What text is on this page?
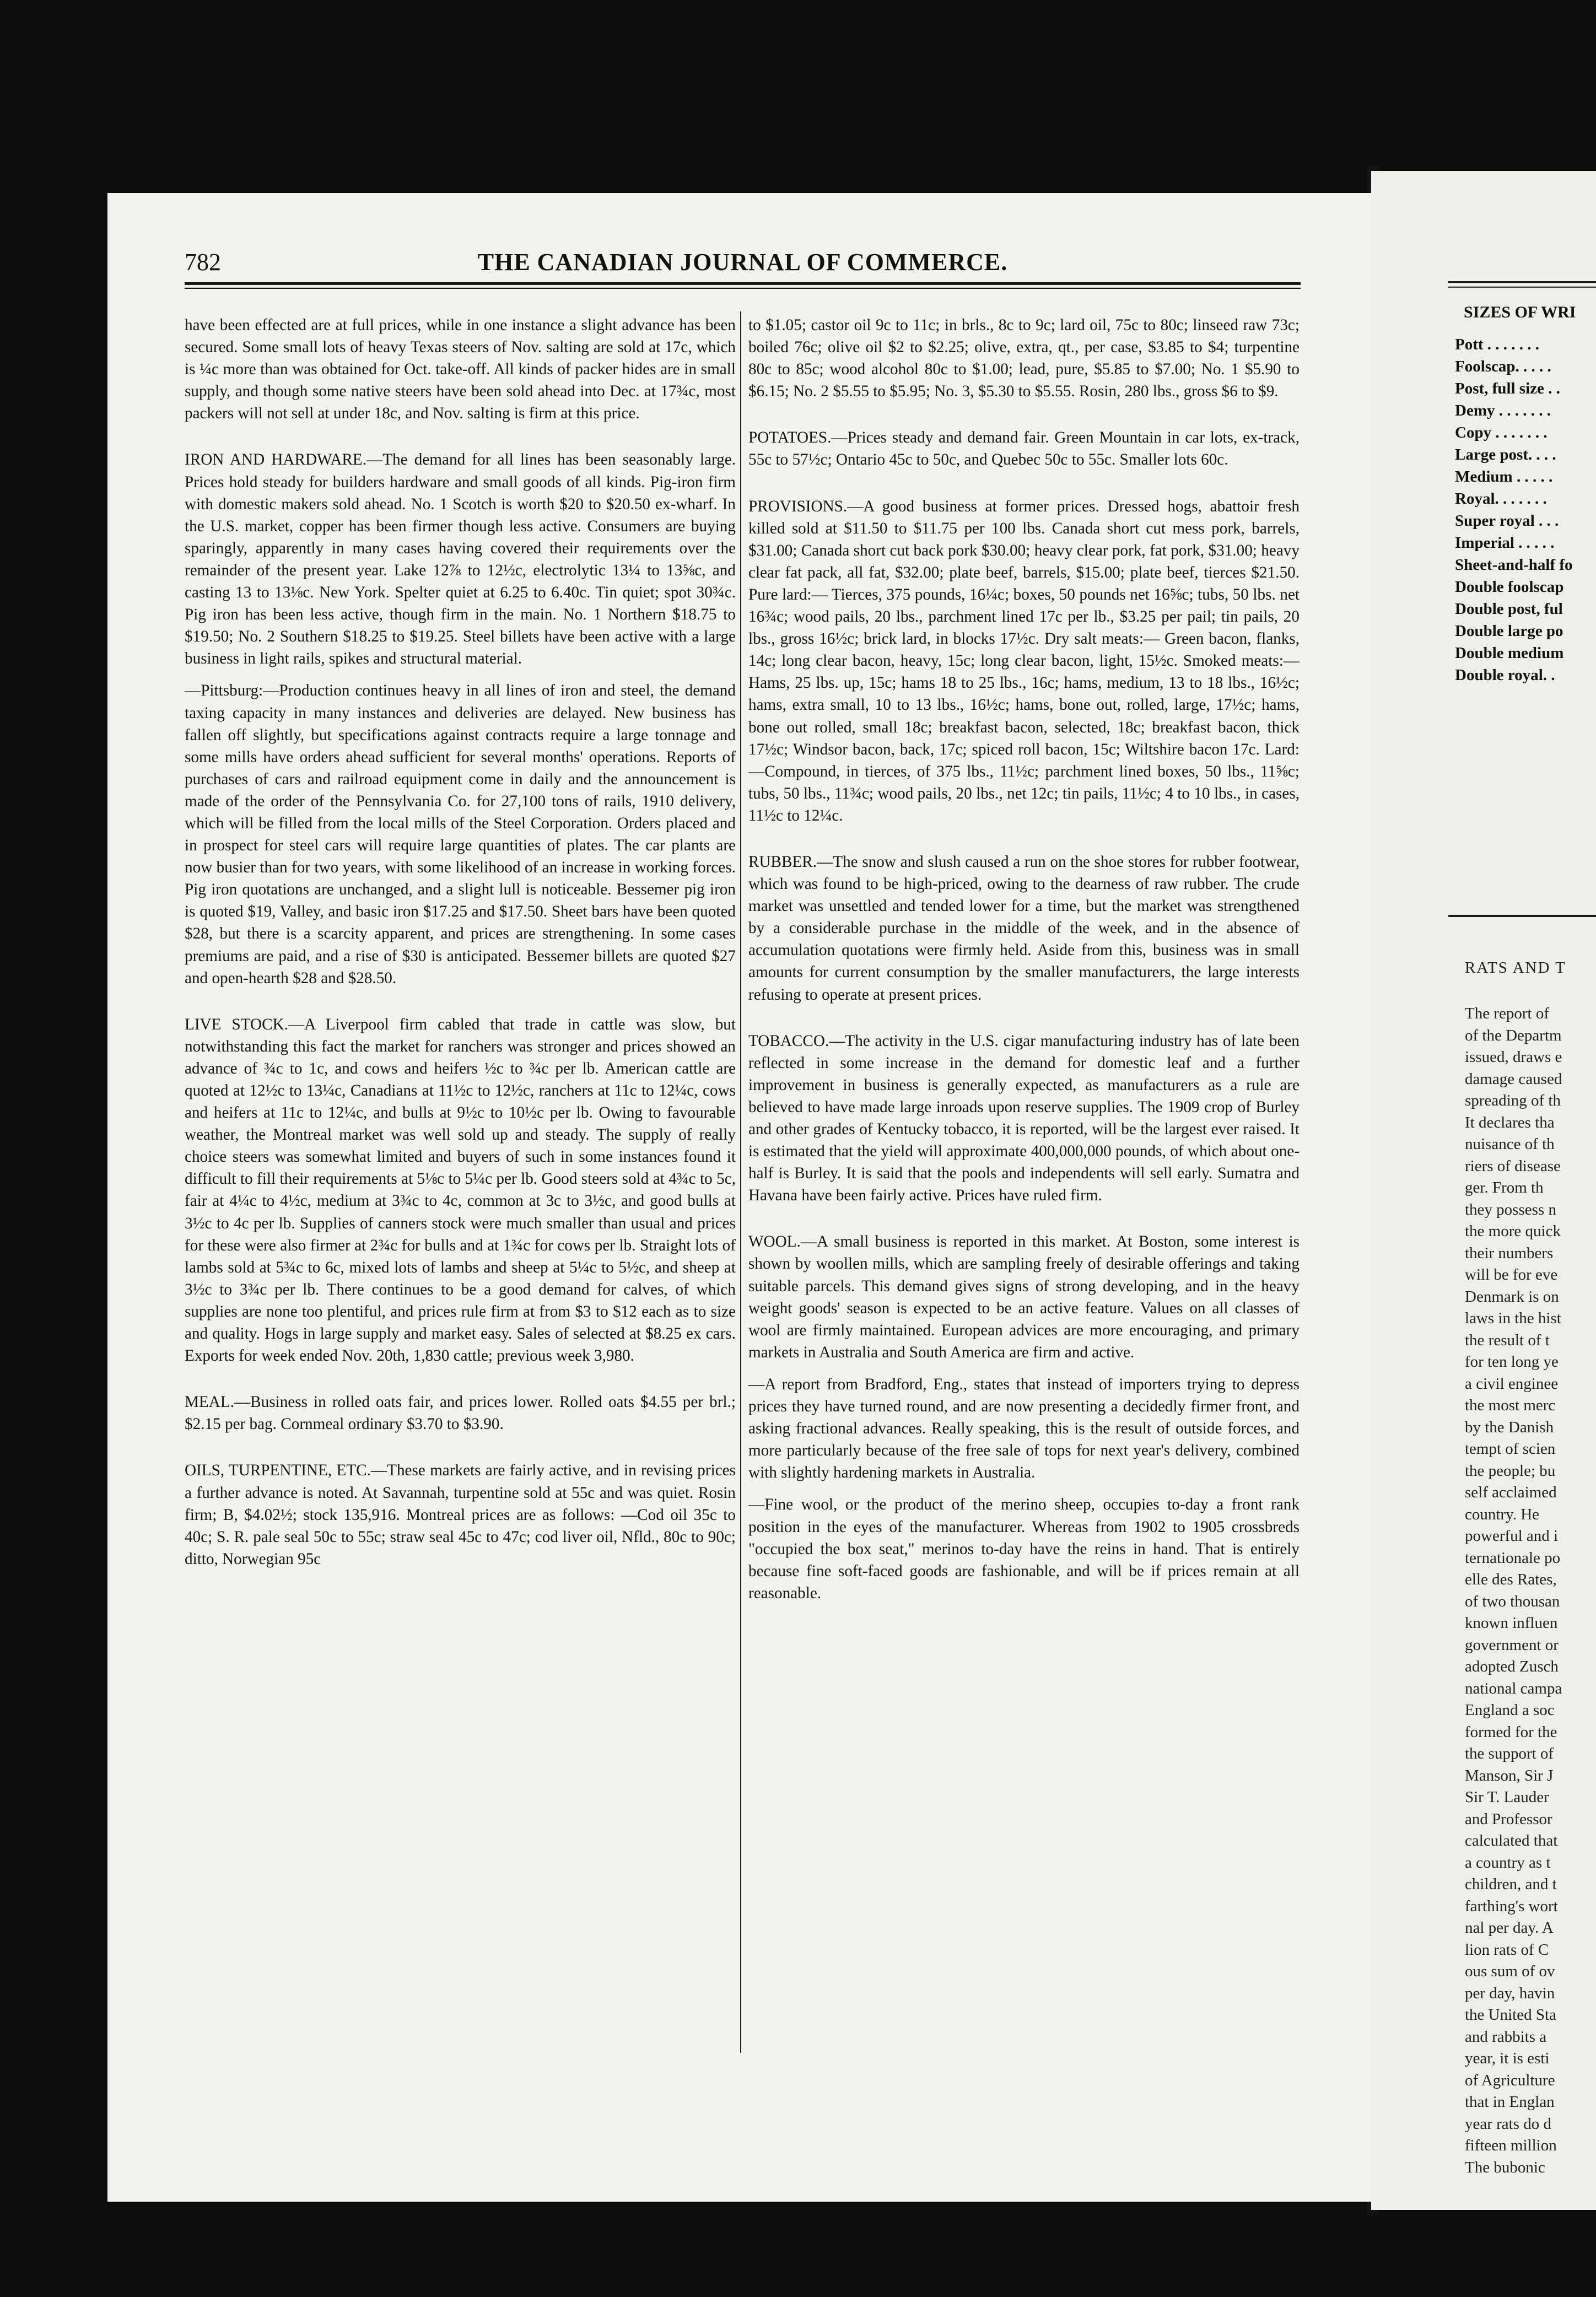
782	THE CANADIAN JOURNAL OF COMMERCE.

have been effected are at full prices, while in one instance a slight advance has been secured. Some small lots of heavy Texas steers of Nov. salting are sold at 17c, which is ¼c more than was obtained for Oct. take-off. All kinds of packer hides are in small supply, and though some native steers have been sold ahead into Dec. at 17¾c, most packers will not sell at under 18c, and Nov. salting is firm at this price.

IRON AND HARDWARE.—The demand for all lines has been seasonably large. Prices hold steady for builders hardware and small goods of all kinds. Pig-iron firm with domestic makers sold ahead. No. 1 Scotch is worth $20 to $20.50 ex-wharf. In the U.S. market, copper has been firmer though less active. Consumers are buying sparingly, apparently in many cases having covered their requirements over the remainder of the present year. Lake 12⅞ to 12½c, electrolytic 13¼ to 13⅝c, and casting 13 to 13⅛c. New York. Spelter quiet at 6.25 to 6.40c. Tin quiet; spot 30¾c. Pig iron has been less active, though firm in the main. No. 1 Northern $18.75 to $19.50; No. 2 Southern $18.25 to $19.25. Steel billets have been active with a large business in light rails, spikes and structural material.

—Pittsburg:—Production continues heavy in all lines of iron and steel, the demand taxing capacity in many instances and deliveries are delayed. New business has fallen off slightly, but specifications against contracts require a large tonnage and some mills have orders ahead sufficient for several months' operations. Reports of purchases of cars and railroad equipment come in daily and the announcement is made of the order of the Pennsylvania Co. for 27,100 tons of rails, 1910 delivery, which will be filled from the local mills of the Steel Corporation. Orders placed and in prospect for steel cars will require large quantities of plates. The car plants are now busier than for two years, with some likelihood of an increase in working forces. Pig iron quotations are unchanged, and a slight lull is noticeable. Bessemer pig iron is quoted $19, Valley, and basic iron $17.25 and $17.50. Sheet bars have been quoted $28, but there is a scarcity apparent, and prices are strengthening. In some cases premiums are paid, and a rise of $30 is anticipated. Bessemer billets are quoted $27 and open-hearth $28 and $28.50.

LIVE STOCK.—A Liverpool firm cabled that trade in cattle was slow, but notwithstanding this fact the market for ranchers was stronger and prices showed an advance of ¾c to 1c, and cows and heifers ½c to ¾c per lb. American cattle are quoted at 12½c to 13¼c, Canadians at 11½c to 12½c, ranchers at 11c to 12¼c, cows and heifers at 11c to 12¼c, and bulls at 9½c to 10½c per lb. Owing to favourable weather, the Montreal market was well sold up and steady. The supply of really choice steers was somewhat limited and buyers of such in some instances found it difficult to fill their requirements at 5⅛c to 5¼c per lb. Good steers sold at 4¾c to 5c, fair at 4¼c to 4½c, medium at 3¾c to 4c, common at 3c to 3½c, and good bulls at 3½c to 4c per lb. Supplies of canners stock were much smaller than usual and prices for these were also firmer at 2¾c for bulls and at 1¾c for cows per lb. Straight lots of lambs sold at 5¾c to 6c, mixed lots of lambs and sheep at 5¼c to 5½c, and sheep at 3½c to 3¾c per lb. There continues to be a good demand for calves, of which supplies are none too plentiful, and prices rule firm at from $3 to $12 each as to size and quality. Hogs in large supply and market easy. Sales of selected at $8.25 ex cars. Exports for week ended Nov. 20th, 1,830 cattle; previous week 3,980.

MEAL.—Business in rolled oats fair, and prices lower. Rolled oats $4.55 per brl.; $2.15 per bag. Cornmeal ordinary $3.70 to $3.90.

OILS, TURPENTINE, ETC.—These markets are fairly active, and in revising prices a further advance is noted. At Savannah, turpentine sold at 55c and was quiet. Rosin firm; B, $4.02½; stock 135,916. Montreal prices are as follows: —Cod oil 35c to 40c; S. R. pale seal 50c to 55c; straw seal 45c to 47c; cod liver oil, Nfld., 80c to 90c; ditto, Norwegian 95c

to $1.05; castor oil 9c to 11c; in brls., 8c to 9c; lard oil, 75c to 80c; linseed raw 73c; boiled 76c; olive oil $2 to $2.25; olive, extra, qt., per case, $3.85 to $4; turpentine 80c to 85c; wood alcohol 80c to $1.00; lead, pure, $5.85 to $7.00; No. 1 $5.90 to $6.15; No. 2 $5.55 to $5.95; No. 3, $5.30 to $5.55. Rosin, 280 lbs., gross $6 to $9.

POTATOES.—Prices steady and demand fair. Green Mountain in car lots, ex-track, 55c to 57½c; Ontario 45c to 50c, and Quebec 50c to 55c. Smaller lots 60c.

PROVISIONS.—A good business at former prices. Dressed hogs, abattoir fresh killed sold at $11.50 to $11.75 per 100 lbs. Canada short cut mess pork, barrels, $31.00; Canada short cut back pork $30.00; heavy clear pork, fat pork, $31.00; heavy clear fat pack, all fat, $32.00; plate beef, barrels, $15.00; plate beef, tierces $21.50. Pure lard:— Tierces, 375 pounds, 16¼c; boxes, 50 pounds net 16⅝c; tubs, 50 lbs. net 16¾c; wood pails, 20 lbs., parchment lined 17c per lb., $3.25 per pail; tin pails, 20 lbs., gross 16½c; brick lard, in blocks 17½c. Dry salt meats:— Green bacon, flanks, 14c; long clear bacon, heavy, 15c; long clear bacon, light, 15½c. Smoked meats:—Hams, 25 lbs. up, 15c; hams 18 to 25 lbs., 16c; hams, medium, 13 to 18 lbs., 16½c; hams, extra small, 10 to 13 lbs., 16½c; hams, bone out, rolled, large, 17½c; hams, bone out rolled, small 18c; breakfast bacon, selected, 18c; breakfast bacon, thick 17½c; Windsor bacon, back, 17c; spiced roll bacon, 15c; Wiltshire bacon 17c. Lard:—Compound, in tierces, of 375 lbs., 11½c; parchment lined boxes, 50 lbs., 11⅝c; tubs, 50 lbs., 11¾c; wood pails, 20 lbs., net 12c; tin pails, 11½c; 4 to 10 lbs., in cases, 11½c to 12¼c.

RUBBER.—The snow and slush caused a run on the shoe stores for rubber footwear, which was found to be high-priced, owing to the dearness of raw rubber. The crude market was unsettled and tended lower for a time, but the market was strengthened by a considerable purchase in the middle of the week, and in the absence of accumulation quotations were firmly held. Aside from this, business was in small amounts for current consumption by the smaller manufacturers, the large interests refusing to operate at present prices.

TOBACCO.—The activity in the U.S. cigar manufacturing industry has of late been reflected in some increase in the demand for domestic leaf and a further improvement in business is generally expected, as manufacturers as a rule are believed to have made large inroads upon reserve supplies. The 1909 crop of Burley and other grades of Kentucky tobacco, it is reported, will be the largest ever raised. It is estimated that the yield will approximate 400,000,000 pounds, of which about one-half is Burley. It is said that the pools and independents will sell early. Sumatra and Havana have been fairly active. Prices have ruled firm.

WOOL.—A small business is reported in this market. At Boston, some interest is shown by woollen mills, which are sampling freely of desirable offerings and taking suitable parcels. This demand gives signs of strong developing, and in the heavy weight goods' season is expected to be an active feature. Values on all classes of wool are firmly maintained. European advices are more encouraging, and primary markets in Australia and South America are firm and active.

—A report from Bradford, Eng., states that instead of importers trying to depress prices they have turned round, and are now presenting a decidedly firmer front, and asking fractional advances. Really speaking, this is the result of outside forces, and more particularly because of the free sale of tops for next year's delivery, combined with slightly hardening markets in Australia.

—Fine wool, or the product of the merino sheep, occupies to-day a front rank position in the eyes of the manufacturer. Whereas from 1902 to 1905 crossbreds "occupied the box seat," merinos to-day have the reins in hand. That is entirely because fine soft-faced goods are fashionable, and will be if prices remain at all reasonable.

SIZES OF WRI
Pott . . . . . . .
Foolscap. . . . .
Post, full size . .
Demy . . . . . . .
Copy . . . . . . .
Large post. . . .
Medium . . . . .
Royal. . . . . . .
Super royal . . .
Imperial . . . . .
Sheet-and-half fo
Double foolscap
Double post, ful
Double large po
Double medium
Double royal. .
RATS AND T
The report of
of the Departm
issued, draws e
damage caused
spreading of th
It declares tha
nuisance of th
riers of disease
ger. From th
they possess n
the more quick
their numbers
will be for eve
Denmark is on
laws in the hist
the result of t
for ten long ye
a civil enginee
the most merc
by the Danish
tempt of scien
the people; bu
self acclaimed
country. He
powerful and i
ternationale po
elle des Rates,
of two thousan
known influen
government or
adopted Zusch
national campa
England a soc
formed for the
the support of
Manson, Sir J
Sir T. Lauder
and Professor
calculated that
a country as t
children, and t
farthing's wort
nal per day. A
lion rats of C
ous sum of ov
per day, havin
the United Sta
and rabbits a
year, it is esti
of Agriculture
that in Englan
year rats do d
fifteen million
The bubonic
